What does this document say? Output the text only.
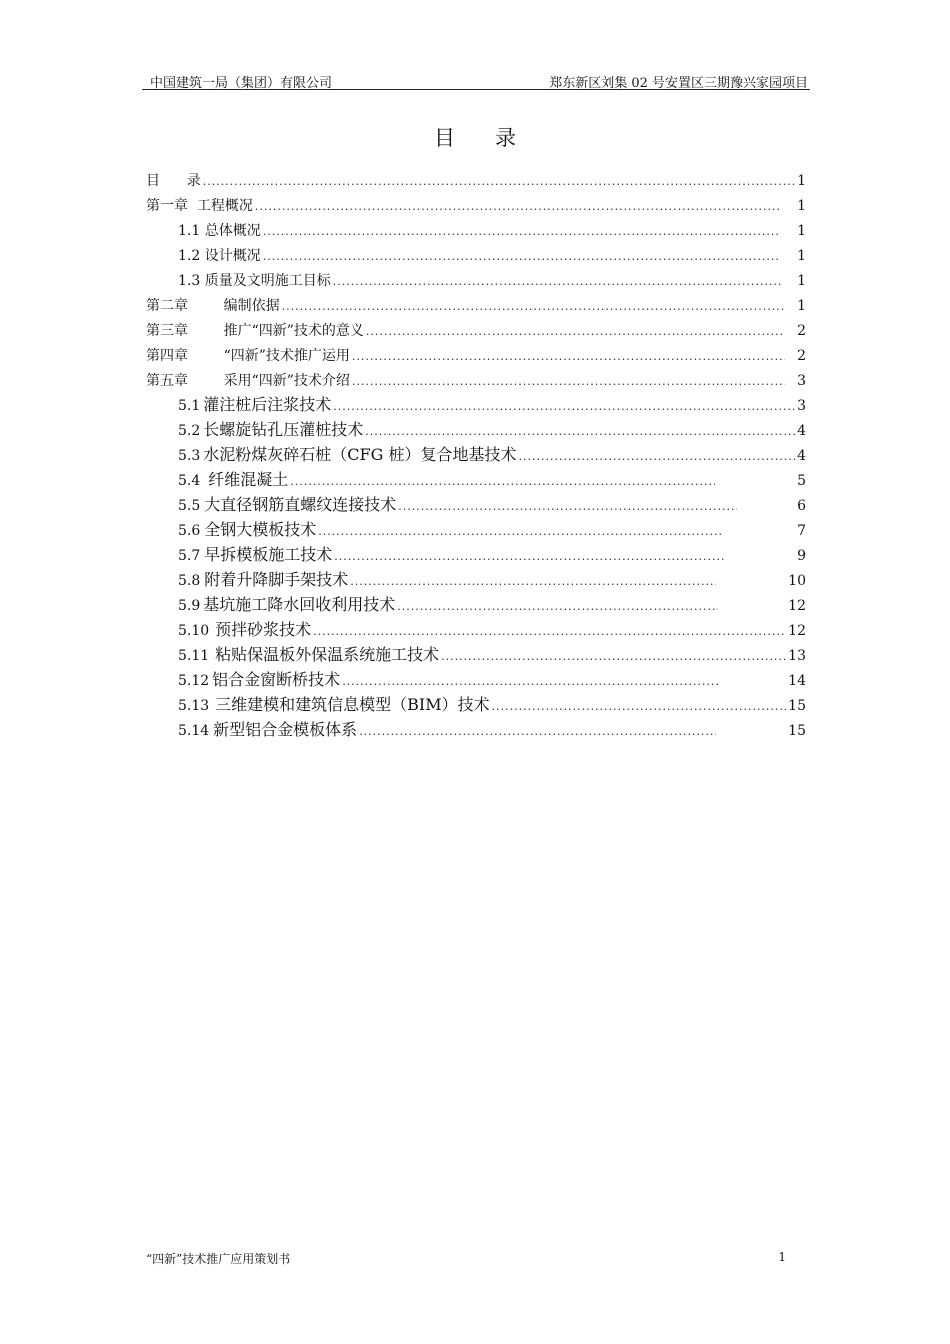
中国建筑一局（集团）有限公司	郑东新区刘集 02 号安置区三期豫兴家园项目
目录
目      录 .....	1
第一章  工程概况 .....	1
1.1 总体概况 .....	1
1.2 设计概况 .....	1
1.3 质量及文明施工目标 .....	1
第二章        编制依据 .....	1
第三章        推广“四新”技术的意义 .....	2
第四章        “四新”技术推广运用 .....	2
第五章        采用“四新”技术介绍 .....	3
5.1 灌注桩后注浆技术 .....	3
5.2 长螺旋钻孔压灌桩技术 .....	4
5.3 水泥粉煤灰碎石桩（CFG 桩）复合地基技术 .....	4
5.4 纤维混凝土 .....	5
5.5 大直径钢筋直螺纹连接技术 .....	6
5.6 全钢大模板技术 .....	7
5.7 早拆模板施工技术 .....	9
5.8 附着升降脚手架技术 .....	10
5.9 基坑施工降水回收利用技术 .....	12
5.10 预拌砂浆技术 .....	12
5.11 粘贴保温板外保温系统施工技术 .....	13
5.12 铝合金窗断桥技术 .....	14
5.13 三维建模和建筑信息模型（BIM）技术 .....	15
5.14 新型铝合金模板体系 .....	15
“四新”技术推广应用策划书	1
